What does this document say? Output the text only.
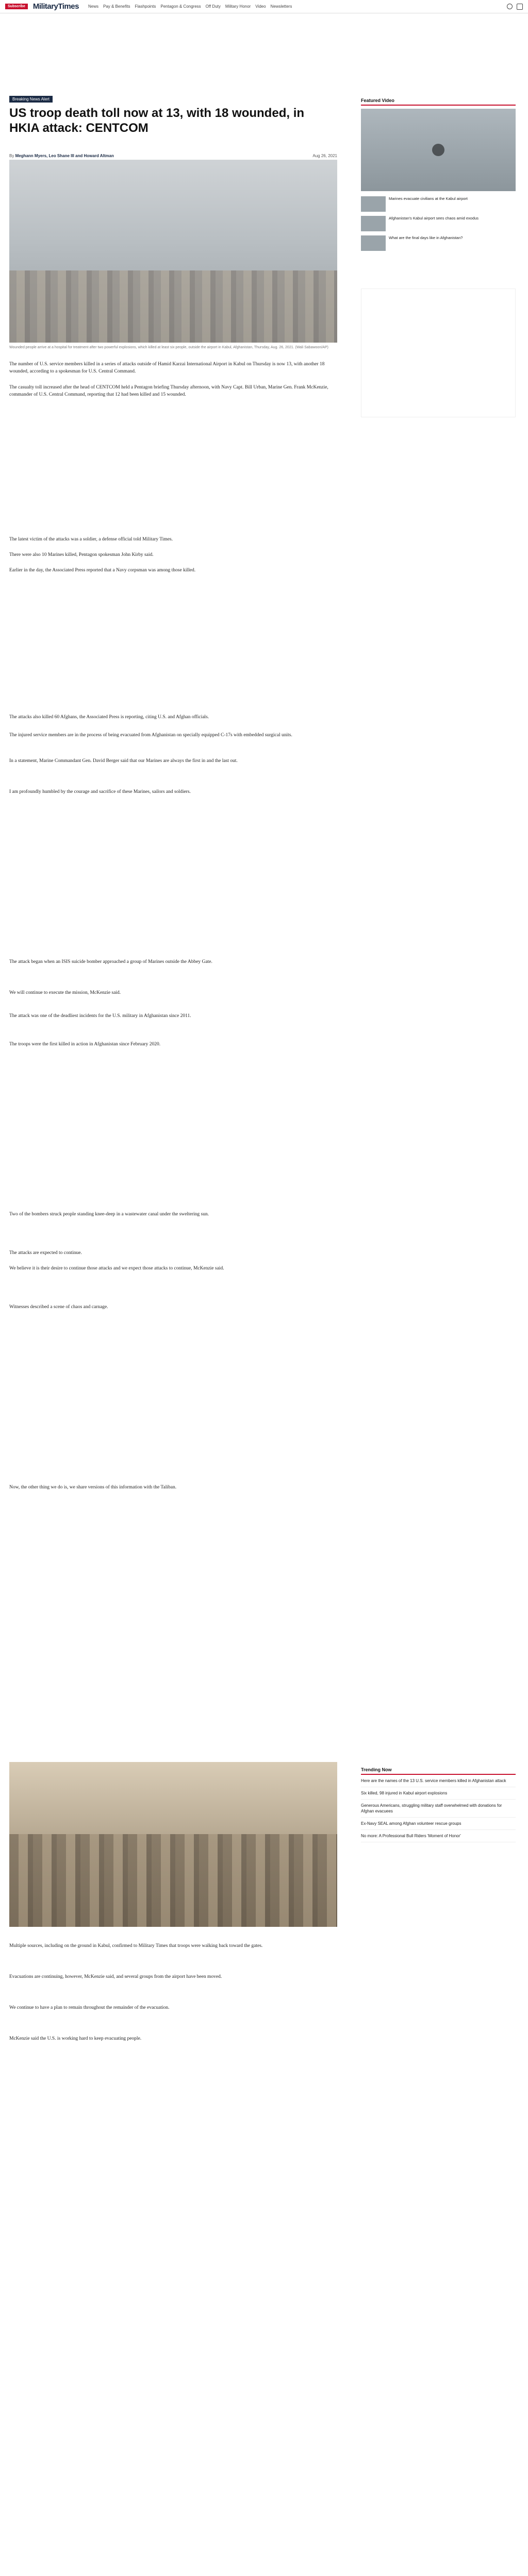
Subscribe	MilitaryTimes News Pay & Benefits Flashpoints Pentagon & Congress Off Duty Military Honor Video Newsletters
Breaking News Alert
US troop death toll now at 13, with 18 wounded, in HKIA attack: CENTCOM
By Meghann Myers, Leo Shane III and Howard Altman	Aug 26, 2021
Wounded people arrive at a hospital for treatment after two powerful explosions, which killed at least six people, outside the airport in Kabul, Afghanistan, Thursday, Aug. 26, 2021. (Wali Sabawoon/AP)

The number of U.S. service members killed in a series of attacks outside of Hamid Karzai International Airport in Kabul on Thursday is now 13, with another 18 wounded, according to a spokesman for U.S. Central Command.

The casualty toll increased after the head of CENTCOM held a Pentagon briefing Thursday afternoon, with Navy Capt. Bill Urban, Marine Gen. Frank McKenzie, commander of U.S. Central Command, reporting that 12 had been killed and 15 wounded.

The latest victim of the attacks was a soldier, a defense official told Military Times.

There were also 10 Marines killed, Pentagon spokesman John Kirby said.

Earlier in the day, the Associated Press reported that a Navy corpsman was among those killed.

The attacks also killed 60 Afghans, the Associated Press is reporting, citing U.S. and Afghan officials.

The injured service members are in the process of being evacuated from Afghanistan on specially equipped C-17s with embedded surgical units.

In a statement, Marine Commandant Gen. David Berger said that our Marines are always the first in and the last out.

I am profoundly humbled by the courage and sacrifice of these Marines, sailors and soldiers.

The attack began when an ISIS suicide bomber approached a group of Marines outside the Abbey Gate.

We will continue to execute the mission, McKenzie said.

The attack was one of the deadliest incidents for the U.S. military in Afghanistan since 2011.

The troops were the first killed in action in Afghanistan since February 2020.

Two of the bombers struck people standing knee-deep in a wastewater canal under the sweltering sun.

The attacks are expected to continue.

We believe it is their desire to continue those attacks and we expect those attacks to continue, McKenzie said.

Witnesses described a scene of chaos and carnage.

Now, the other thing we do is, we share versions of this information with the Taliban.

Multiple sources, including on the ground in Kabul, confirmed to Military Times that troops were walking back toward the gates.

Evacuations are continuing, however, McKenzie said, and several groups from the airport have been moved.

We continue to have a plan to remain throughout the remainder of the evacuation.

McKenzie said the U.S. is working hard to keep evacuating people.

Featured Video
Marines evacuate civilians at the Kabul airport
Afghanistan's Kabul airport sees chaos amid exodus
What are the final days like in Afghanistan?
Trending Now
Here are the names of the 13 U.S. service members killed in Afghanistan attack
Six killed, 98 injured in Kabul airport explosions
Generous Americans, struggling military staff overwhelmed with donations for Afghan evacuees
Ex-Navy SEAL among Afghan volunteer rescue groups
No more: A Professional Bull Riders 'Moment of Honor'
